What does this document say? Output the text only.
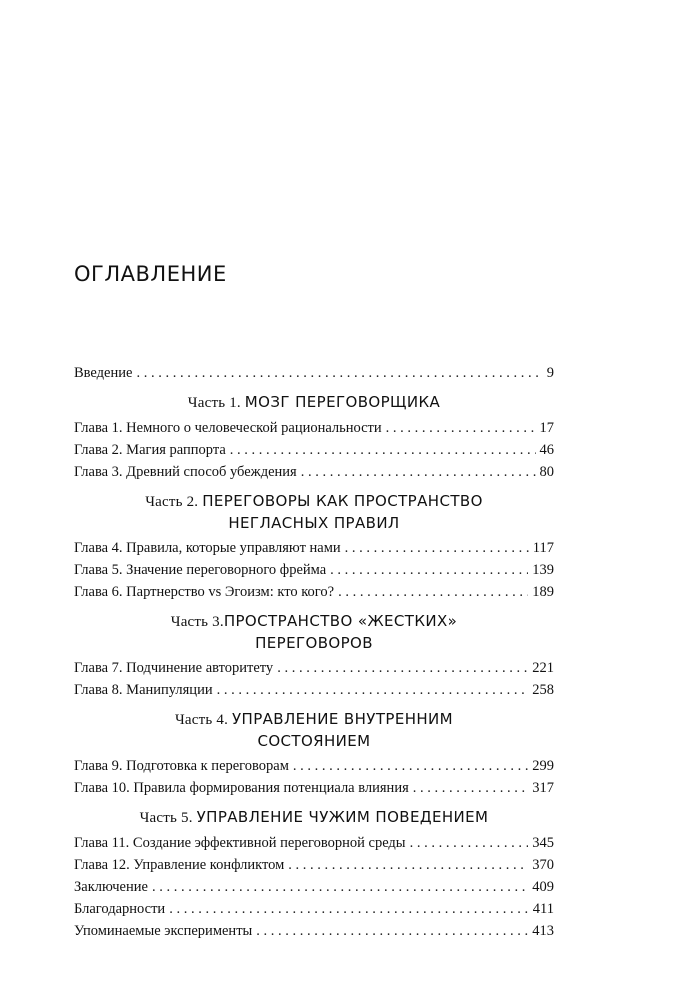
ОГЛАВЛЕНИЕ
Введение . . .	9
Часть 1. МОЗГ ПЕРЕГОВОРЩИКА
Глава 1. Немного о человеческой рациональности . . .	17
Глава 2. Магия раппорта . . .	46
Глава 3. Древний способ убеждения . . .	80
Часть 2. ПЕРЕГОВОРЫ КАК ПРОСТРАНСТВО
НЕГЛАСНЫХ ПРАВИЛ
Глава 4. Правила, которые управляют нами . . .	117
Глава 5. Значение переговорного фрейма . . .	139
Глава 6. Партнерство vs Эгоизм: кто кого? . . .	189
Часть 3.ПРОСТРАНСТВО «ЖЕСТКИХ»
ПЕРЕГОВОРОВ
Глава 7. Подчинение авторитету . . .	221
Глава 8. Манипуляции . . .	258
Часть 4. УПРАВЛЕНИЕ ВНУТРЕННИМ
СОСТОЯНИЕМ
Глава 9. Подготовка к переговорам . . .	299
Глава 10. Правила формирования потенциала влияния . . .	317
Часть 5. УПРАВЛЕНИЕ ЧУЖИМ ПОВЕДЕНИЕМ
Глава 11. Создание эффективной переговорной среды . . .	345
Глава 12. Управление конфликтом . . .	370
Заключение . . .	409
Благодарности . . .	411
Упоминаемые эксперименты . . .	413
